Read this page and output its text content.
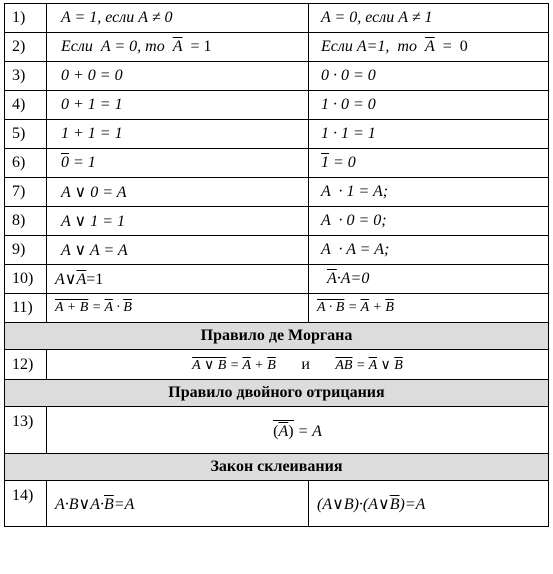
1)	A = 1, если A ≠ 0	A = 0, если A ≠ 1
2)	Если  A = 0, то  $\overline{A} = 1$	Если A=1,  то  $\overline{A} = 0$
3)	0 + 0 = 0	0 · 0 = 0
4)	0 + 1 = 1	1 · 0 = 0
5)	1 + 1 = 1	1 · 1 = 1
6)	0 = 1	1 = 0
7)	A ∨ 0 = A	A  · 1 = A;
8)	A ∨ 1 = 1	A  · 0 = 0;
9)	A ∨ A = A	A  · A = A;
10)	$A\vee\overline{A}=1$	$\overline{A}\cdot A=0$
11)	$A + B = \overline{A} \cdot \overline{B}$	$A \cdot B = \overline{A} + \overline{B}$
Правило де Моргана		
12)	A ∨ $B = \overline{A} + \overline{B}$ и $\overline{AB} = \overline{A}$ ∨ $\overline{B}$
Правило двойного отрицания		
13)	$(\overline{A}) = A$	
Закон склеивания		
14)	$A\cdot B\vee A\cdot\overline{B}=A$	$(A\vee B)\cdot(A\vee\overline{B})=A$
